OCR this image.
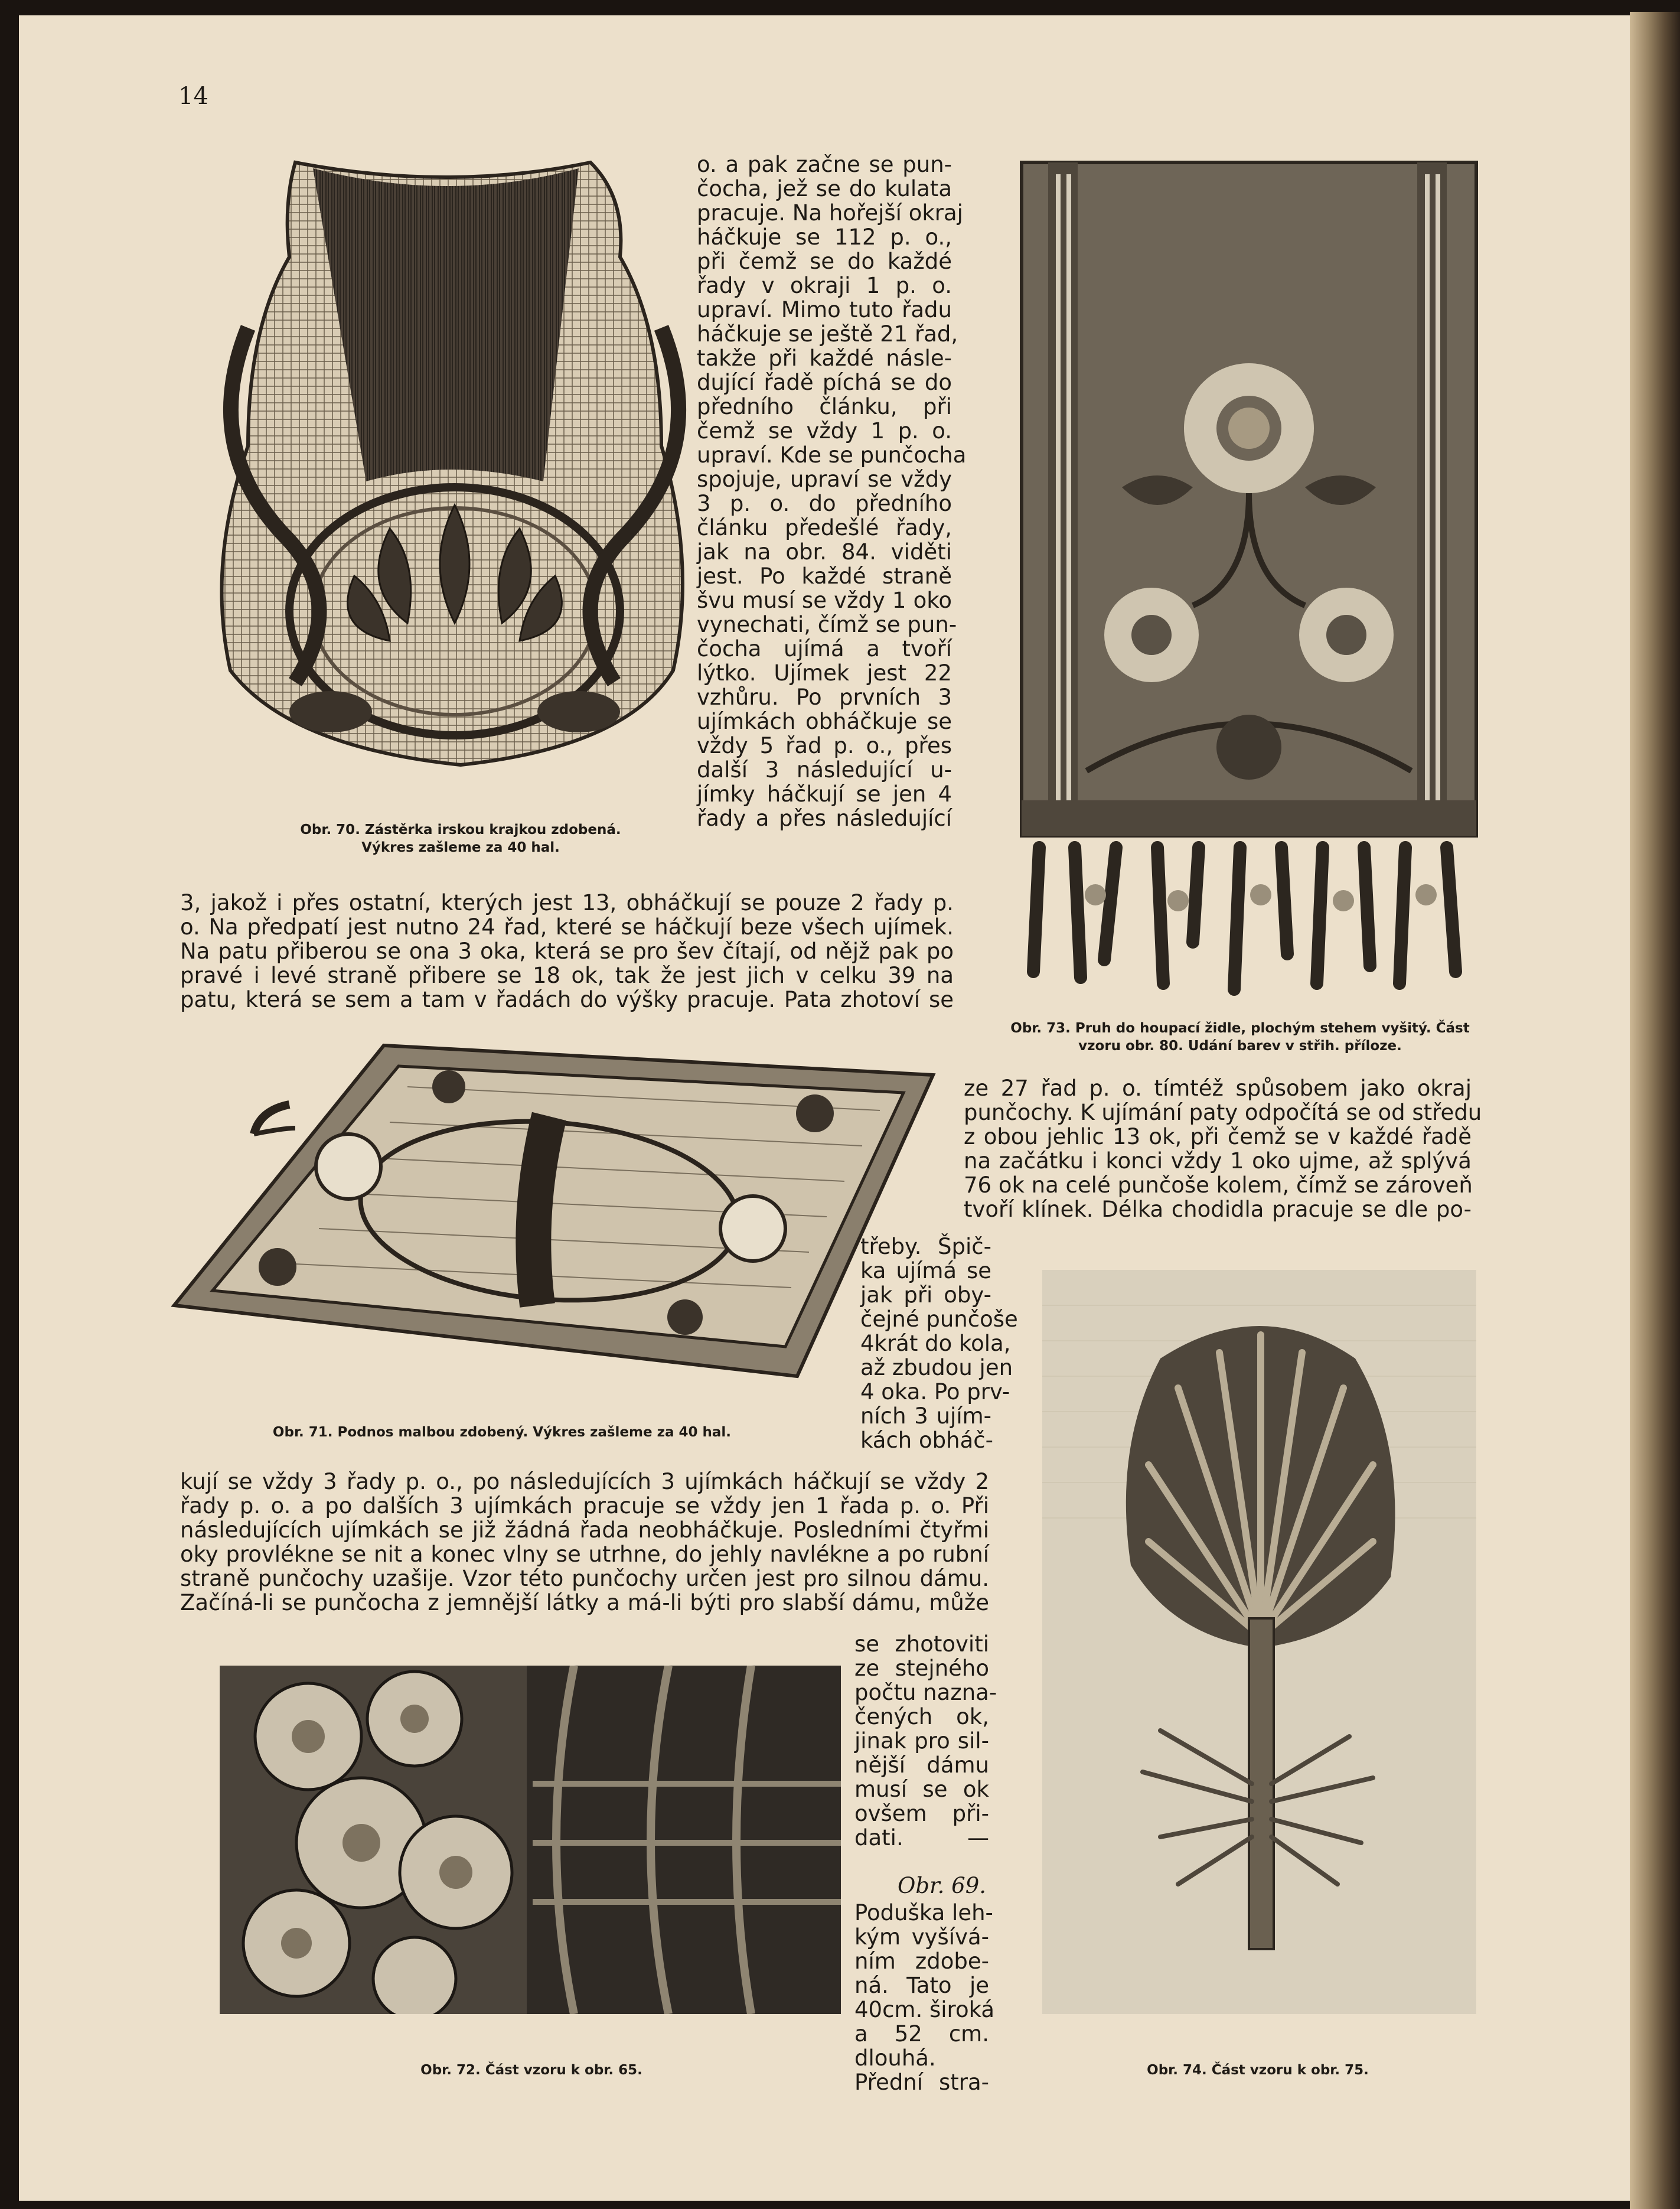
14
Obr. 70. Zástěrka irskou krajkou zdobená.
Výkres zašleme za 40 hal.

o. a pak začne se pun-

čocha, jež se do kulata

pracuje. Na hořejší okraj

háčkuje se 112 p. o.,

při čemž se do každé

řady v okraji 1 p. o.

upraví. Mimo tuto řadu

háčkuje se ještě 21 řad,

takže při každé násle-

dující řadě píchá se do

předního článku, při

čemž se vždy 1 p. o.

upraví. Kde se punčocha

spojuje, upraví se vždy

3 p. o. do předního

článku předešlé řady,

jak na obr. 84. viděti

jest. Po každé straně

švu musí se vždy 1 oko

vynechati, čímž se pun-

čocha ujímá a tvoří

lýtko. Ujímek jest 22

vzhůru. Po prvních 3

ujímkách obháčkuje se

vždy 5 řad p. o., přes

další 3 následující u-

jímky háčkují se jen 4

řady a přes následující

Obr. 73. Pruh do houpací židle, plochým stehem vyšitý. Část
vzoru obr. 80. Udání barev v střih. příloze.

3, jakož i přes ostatní, kterých jest 13, obháčkují se pouze 2 řady p.

o. Na předpatí jest nutno 24 řad, které se háčkují beze všech ujímek.

Na patu přiberou se ona 3 oka, která se pro šev čítají, od nějž pak po

pravé i levé straně přibere se 18 ok, tak že jest jich v celku 39 na

patu, která se sem a tam v řadách do výšky pracuje. Pata zhotoví se

Obr. 71. Podnos malbou zdobený. Výkres zašleme za 40 hal.

ze 27 řad p. o. tímtéž spůsobem jako okraj

punčochy. K ujímání paty odpočítá se od středu

z obou jehlic 13 ok, při čemž se v každé řadě

na začátku i konci vždy 1 oko ujme, až splývá

76 ok na celé punčoše kolem, čímž se zároveň

tvoří klínek. Délka chodidla pracuje se dle po-

třeby. Špič-

ka ujímá se

jak při oby-

čejné punčoše

4krát do kola,

až zbudou jen

4 oka. Po prv-

ních 3 ujím-

kách obháč-

Obr. 74. Část vzoru k obr. 75.

kují se vždy 3 řady p. o., po následujících 3 ujímkách háčkují se vždy 2

řady p. o. a po dalších 3 ujímkách pracuje se vždy jen 1 řada p. o. Při

následujících ujímkách se již žádná řada neobháčkuje. Posledními čtyřmi

oky provlékne se nit a konec vlny se utrhne, do jehly navlékne a po rubní

straně punčochy uzašije. Vzor této punčochy určen jest pro silnou dámu.

Začíná-li se punčocha z jemnější látky a má-li býti pro slabší dámu, může

Obr. 72. Část vzoru k obr. 65.

se zhotoviti

ze stejného

počtu nazna-

čených ok,

jinak pro sil-

nější dámu

musí se ok

ovšem při-

dati. —

Obr. 69.

Poduška leh-

kým vyšívá-

ním zdobe-

ná. Tato je

40cm. široká

a 52 cm.

dlouhá.

Přední stra-
